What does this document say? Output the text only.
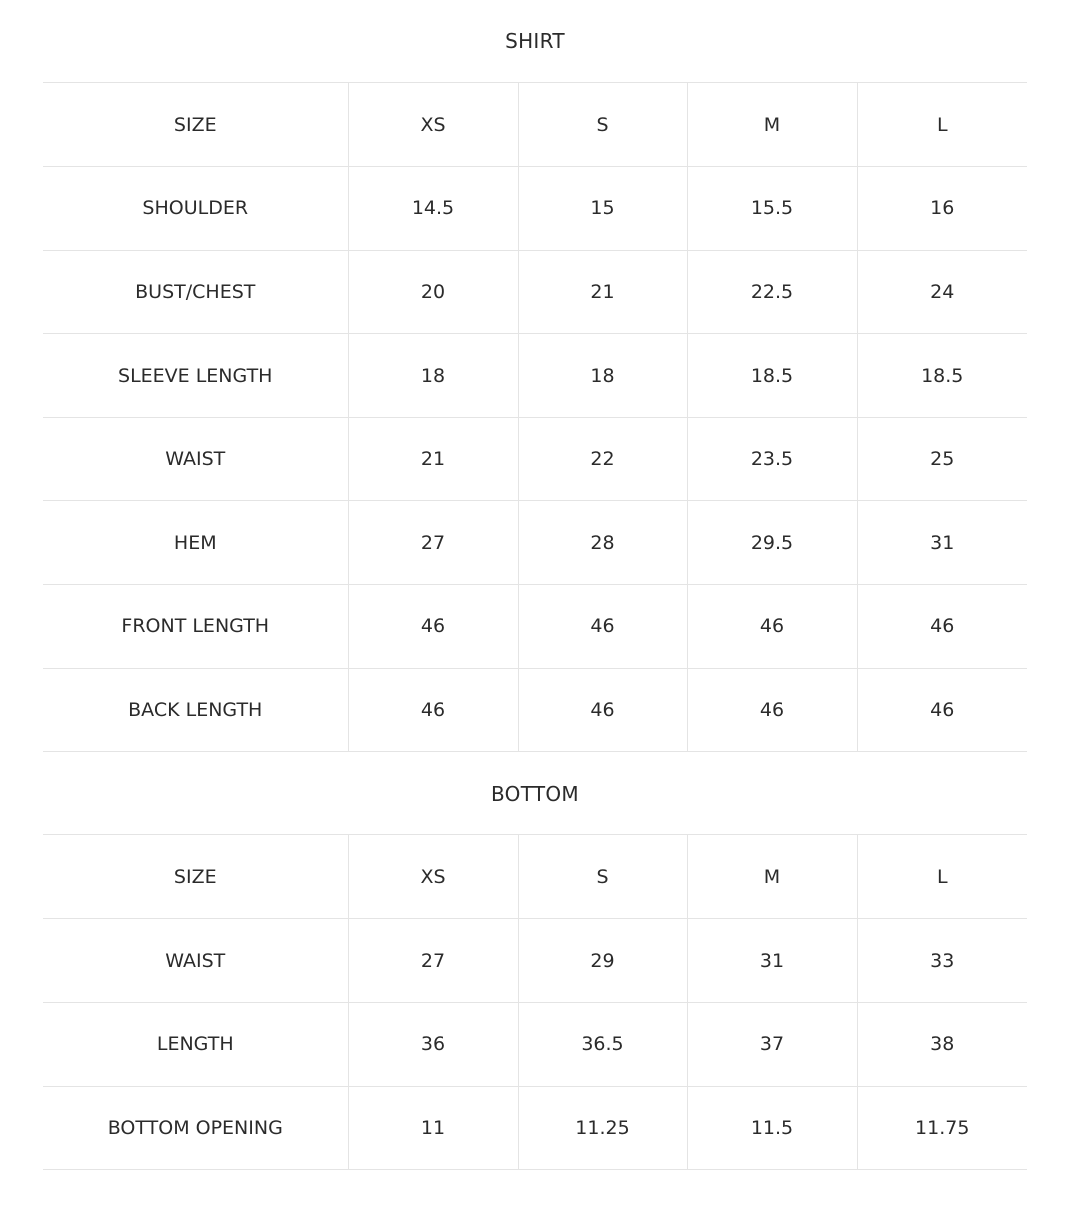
SHIRT
SIZE	XS	S	M	L
SHOULDER	14.5	15	15.5	16
BUST/CHEST	20	21	22.5	24
SLEEVE LENGTH	18	18	18.5	18.5
WAIST	21	22	23.5	25
HEM	27	28	29.5	31
FRONT LENGTH	46	46	46	46
BACK LENGTH	46	46	46	46
BOTTOM
SIZE	XS	S	M	L
WAIST	27	29	31	33
LENGTH	36	36.5	37	38
BOTTOM OPENING	11	11.25	11.5	11.75
